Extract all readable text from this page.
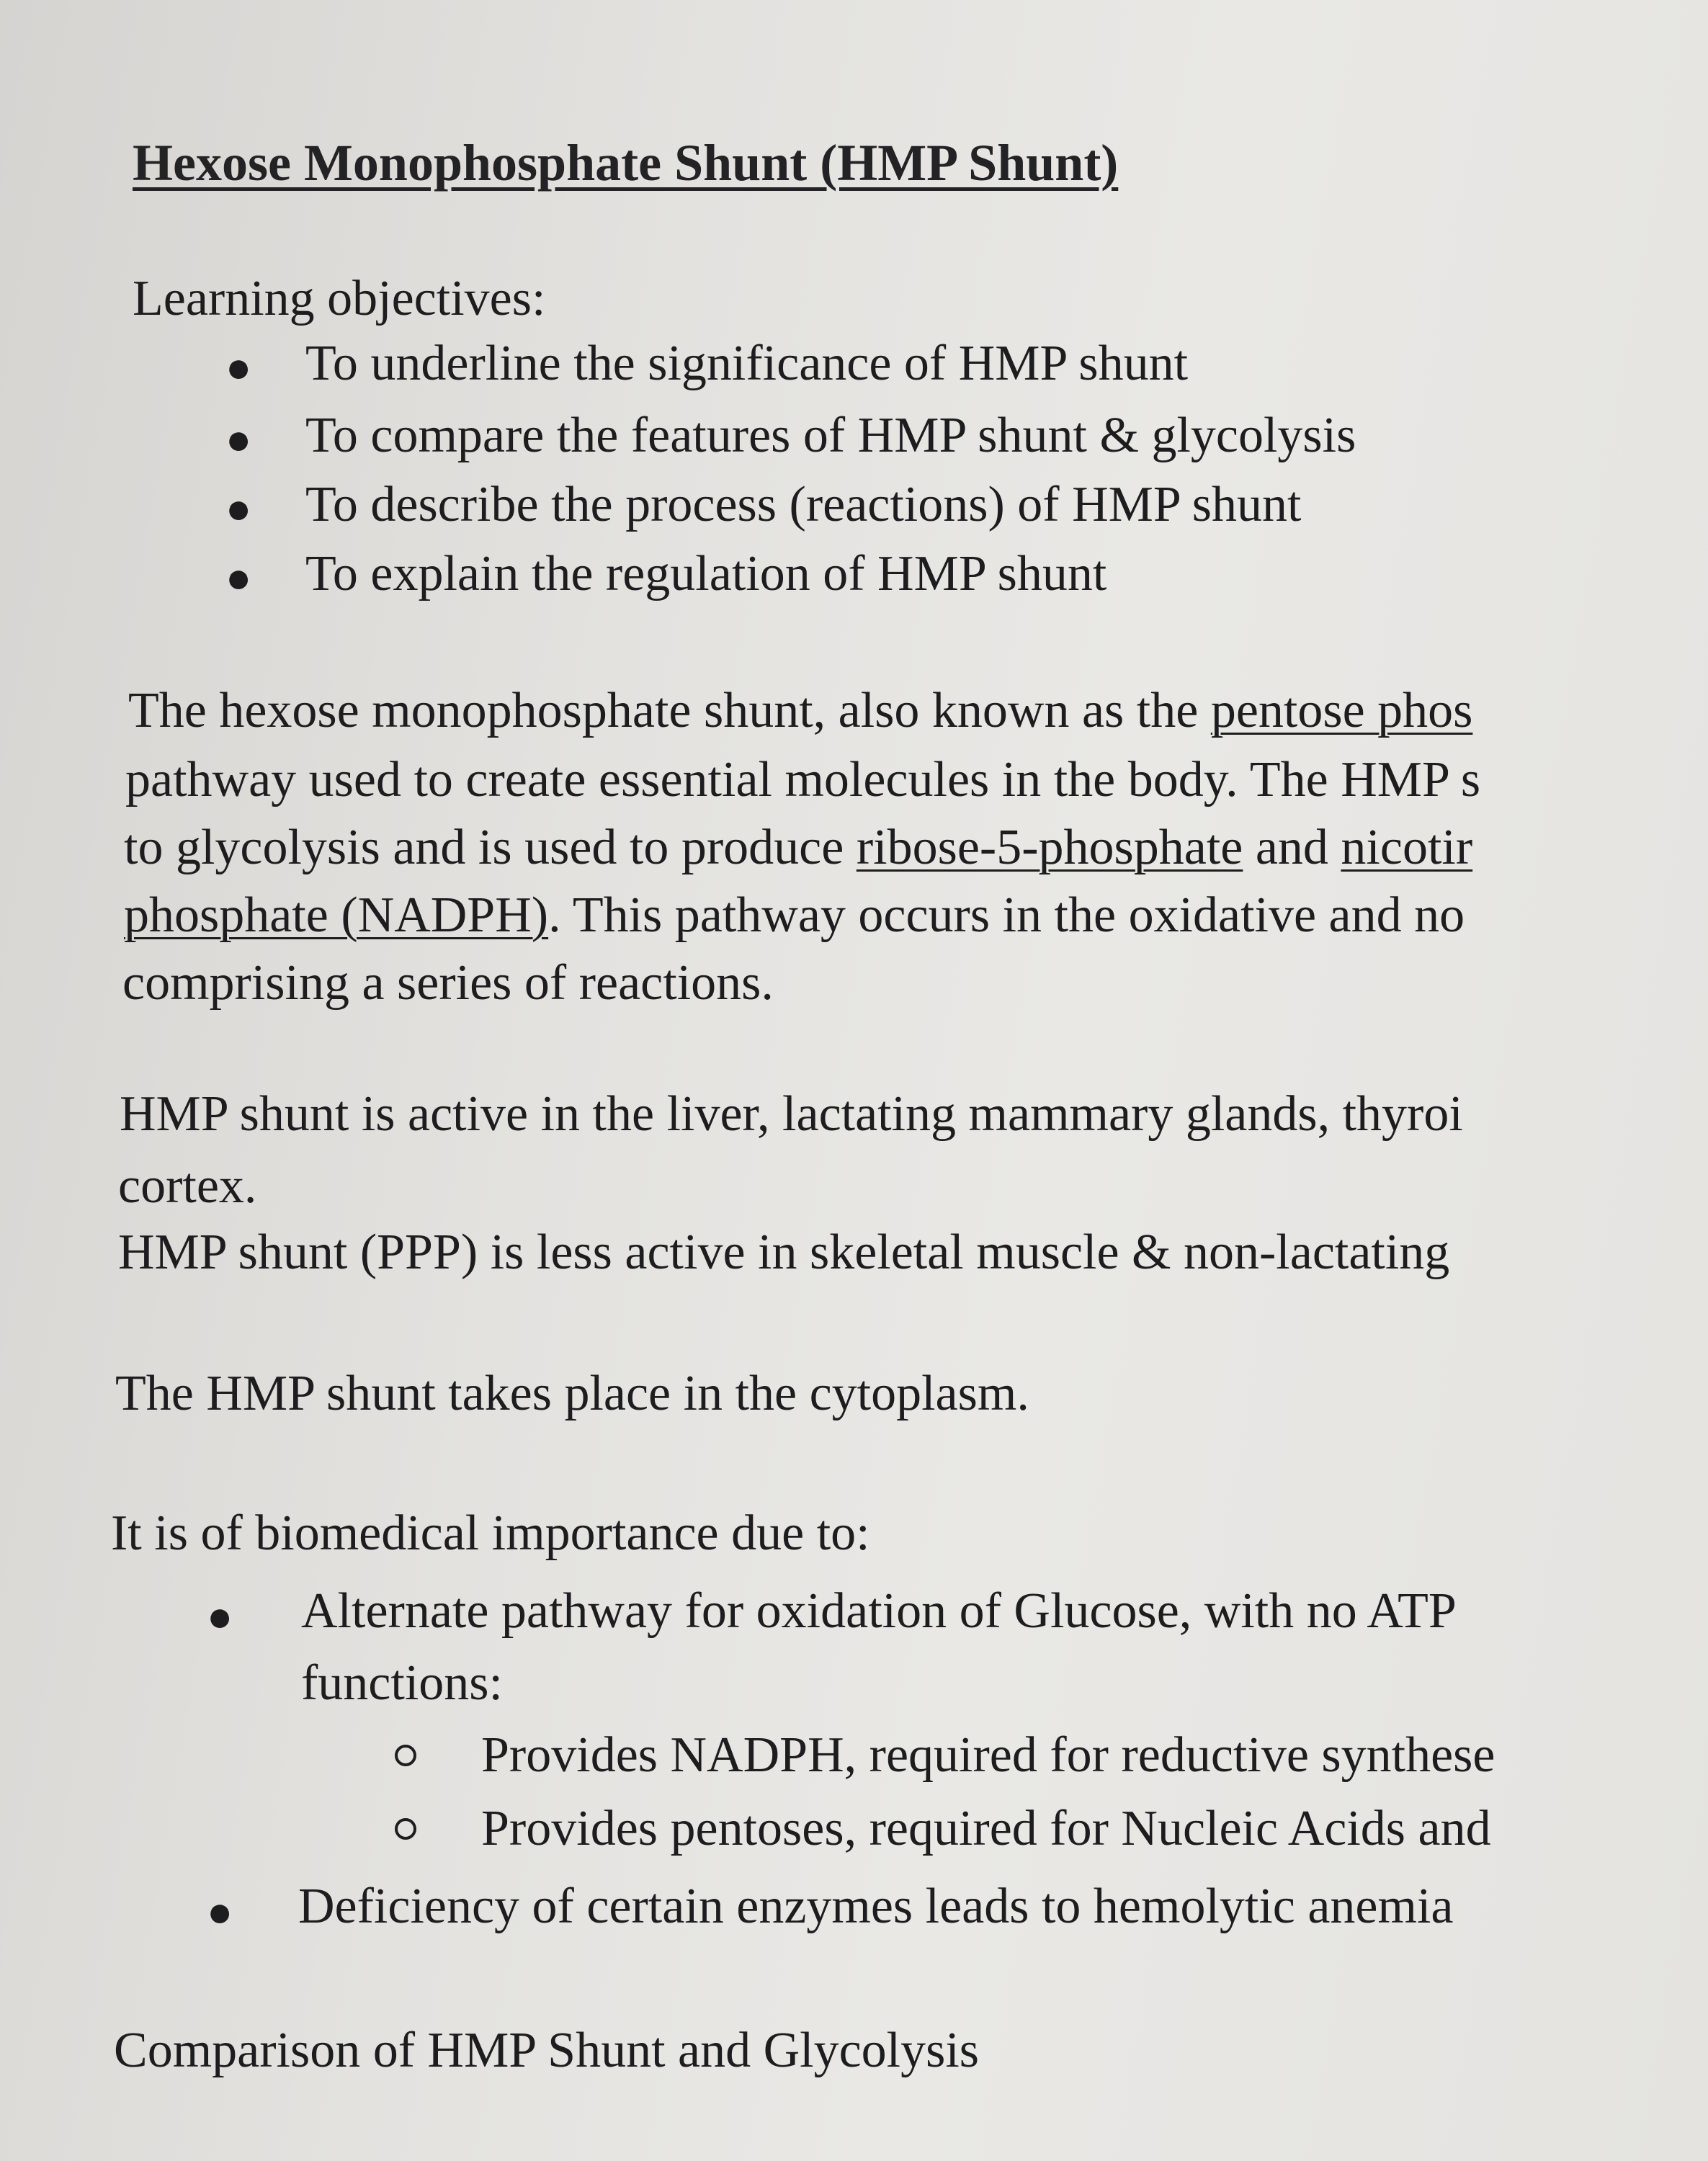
Hexose Monophosphate Shunt (HMP Shunt)
Learning objectives:
● To underline the significance of HMP shunt
● To compare the features of HMP shunt & glycolysis
● To describe the process (reactions) of HMP shunt
● To explain the regulation of HMP shunt
The hexose monophosphate shunt, also known as the pentose phos
pathway used to create essential molecules in the body. The HMP s
to glycolysis and is used to produce ribose-5-phosphate and nicotir
phosphate (NADPH). This pathway occurs in the oxidative and no
comprising a series of reactions.
HMP shunt is active in the liver, lactating mammary glands, thyroi
cortex.
HMP shunt (PPP) is less active in skeletal muscle & non-lactating
The HMP shunt takes place in the cytoplasm.
It is of biomedical importance due to:
● Alternate pathway for oxidation of Glucose, with no ATP
functions:
Provides NADPH, required for reductive synthese
Provides pentoses, required for Nucleic Acids and
● Deficiency of certain enzymes leads to hemolytic anemia
Comparison of HMP Shunt and Glycolysis
